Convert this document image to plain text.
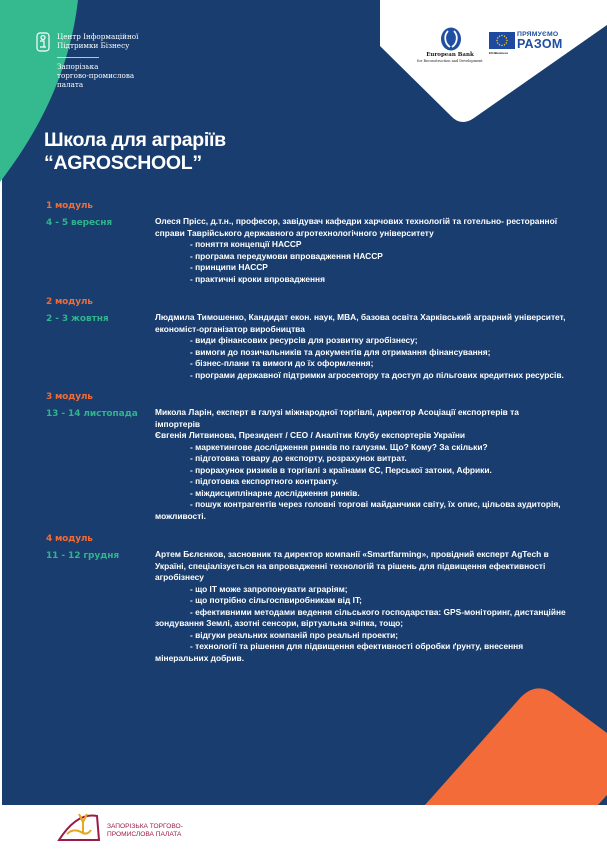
Центр Інформаційної
Підтримки Бізнесу
Запорізька
торгово-промислова
палата
European Bank
for Reconstruction and Development
EU4Business
ПРЯМУЄМО
РАЗОМ
Школа для аграріїв
“AGROSCHOOL”
1 модуль
4 - 5 вересня	Олеся Прісс, д.т.н., професор, завідувач кафедри харчових технологій та готельно- ресторанної
справи Таврійського державного агротехнологічного університету
- поняття концепції НАССР
- програма передумови впровадження НАССР
- принципи НАССР
- практичні кроки впровадження
2 модуль
2 - 3 жовтня	Людмила Тимошенко, Кандидат екон. наук, MBA, базова освіта Харківський аграрний університет,
економіст-організатор виробництва
- види фінансових ресурсів для розвитку агробізнесу;
- вимоги до позичальників та документів для отримання фінансування;
- бізнес-плани та вимоги до їх оформлення;
- програми державної підтримки агросектору та доступ до пільгових кредитних ресурсів.
3 модуль
13 - 14 листопада Микола Ларін, експерт в галузі міжнародної торгівлі, директор Асоціації експортерів та
імпортерів
Євгенія Литвинова, Президент / CEO / Аналітик Клубу експортерів України
- маркетингове дослідження ринків по галузям. Що? Кому? За скільки?
- підготовка товару до експорту, розрахунок витрат.
- прорахунок ризиків в торгівлі з країнами ЄС, Перської затоки, Африки.
- підготовка експортного контракту.
- міждисциплінарне дослідження ринків.
- пошук контрагентів через головні торгові майданчики світу, їх опис, цільова аудиторія,
можливості.
4 модуль
11 - 12 грудня	Артем Бєлєнков, засновник та директор компанії «Smartfarming», провідний експерт AgTech в
Україні, спеціалізується на впровадженні технологій та рішень для підвищення ефективності
агробізнесу
- що IT може запропонувати аграріям;
- що потрібно сільгоспвиробникам від IT;
- ефективними методами ведення сільського господарства: GPS-моніторинг, дистанційне
зондування Землі, азотні сенсори, віртуальна зчіпка, тощо;
- відгуки реальних компаній про реальні проекти;
- технології та рішення для підвищення ефективності обробки ґрунту, внесення
мінеральних добрив.
ЗАПОРІЗЬКА ТОРГОВО-
ПРОМИСЛОВА ПАЛАТА
